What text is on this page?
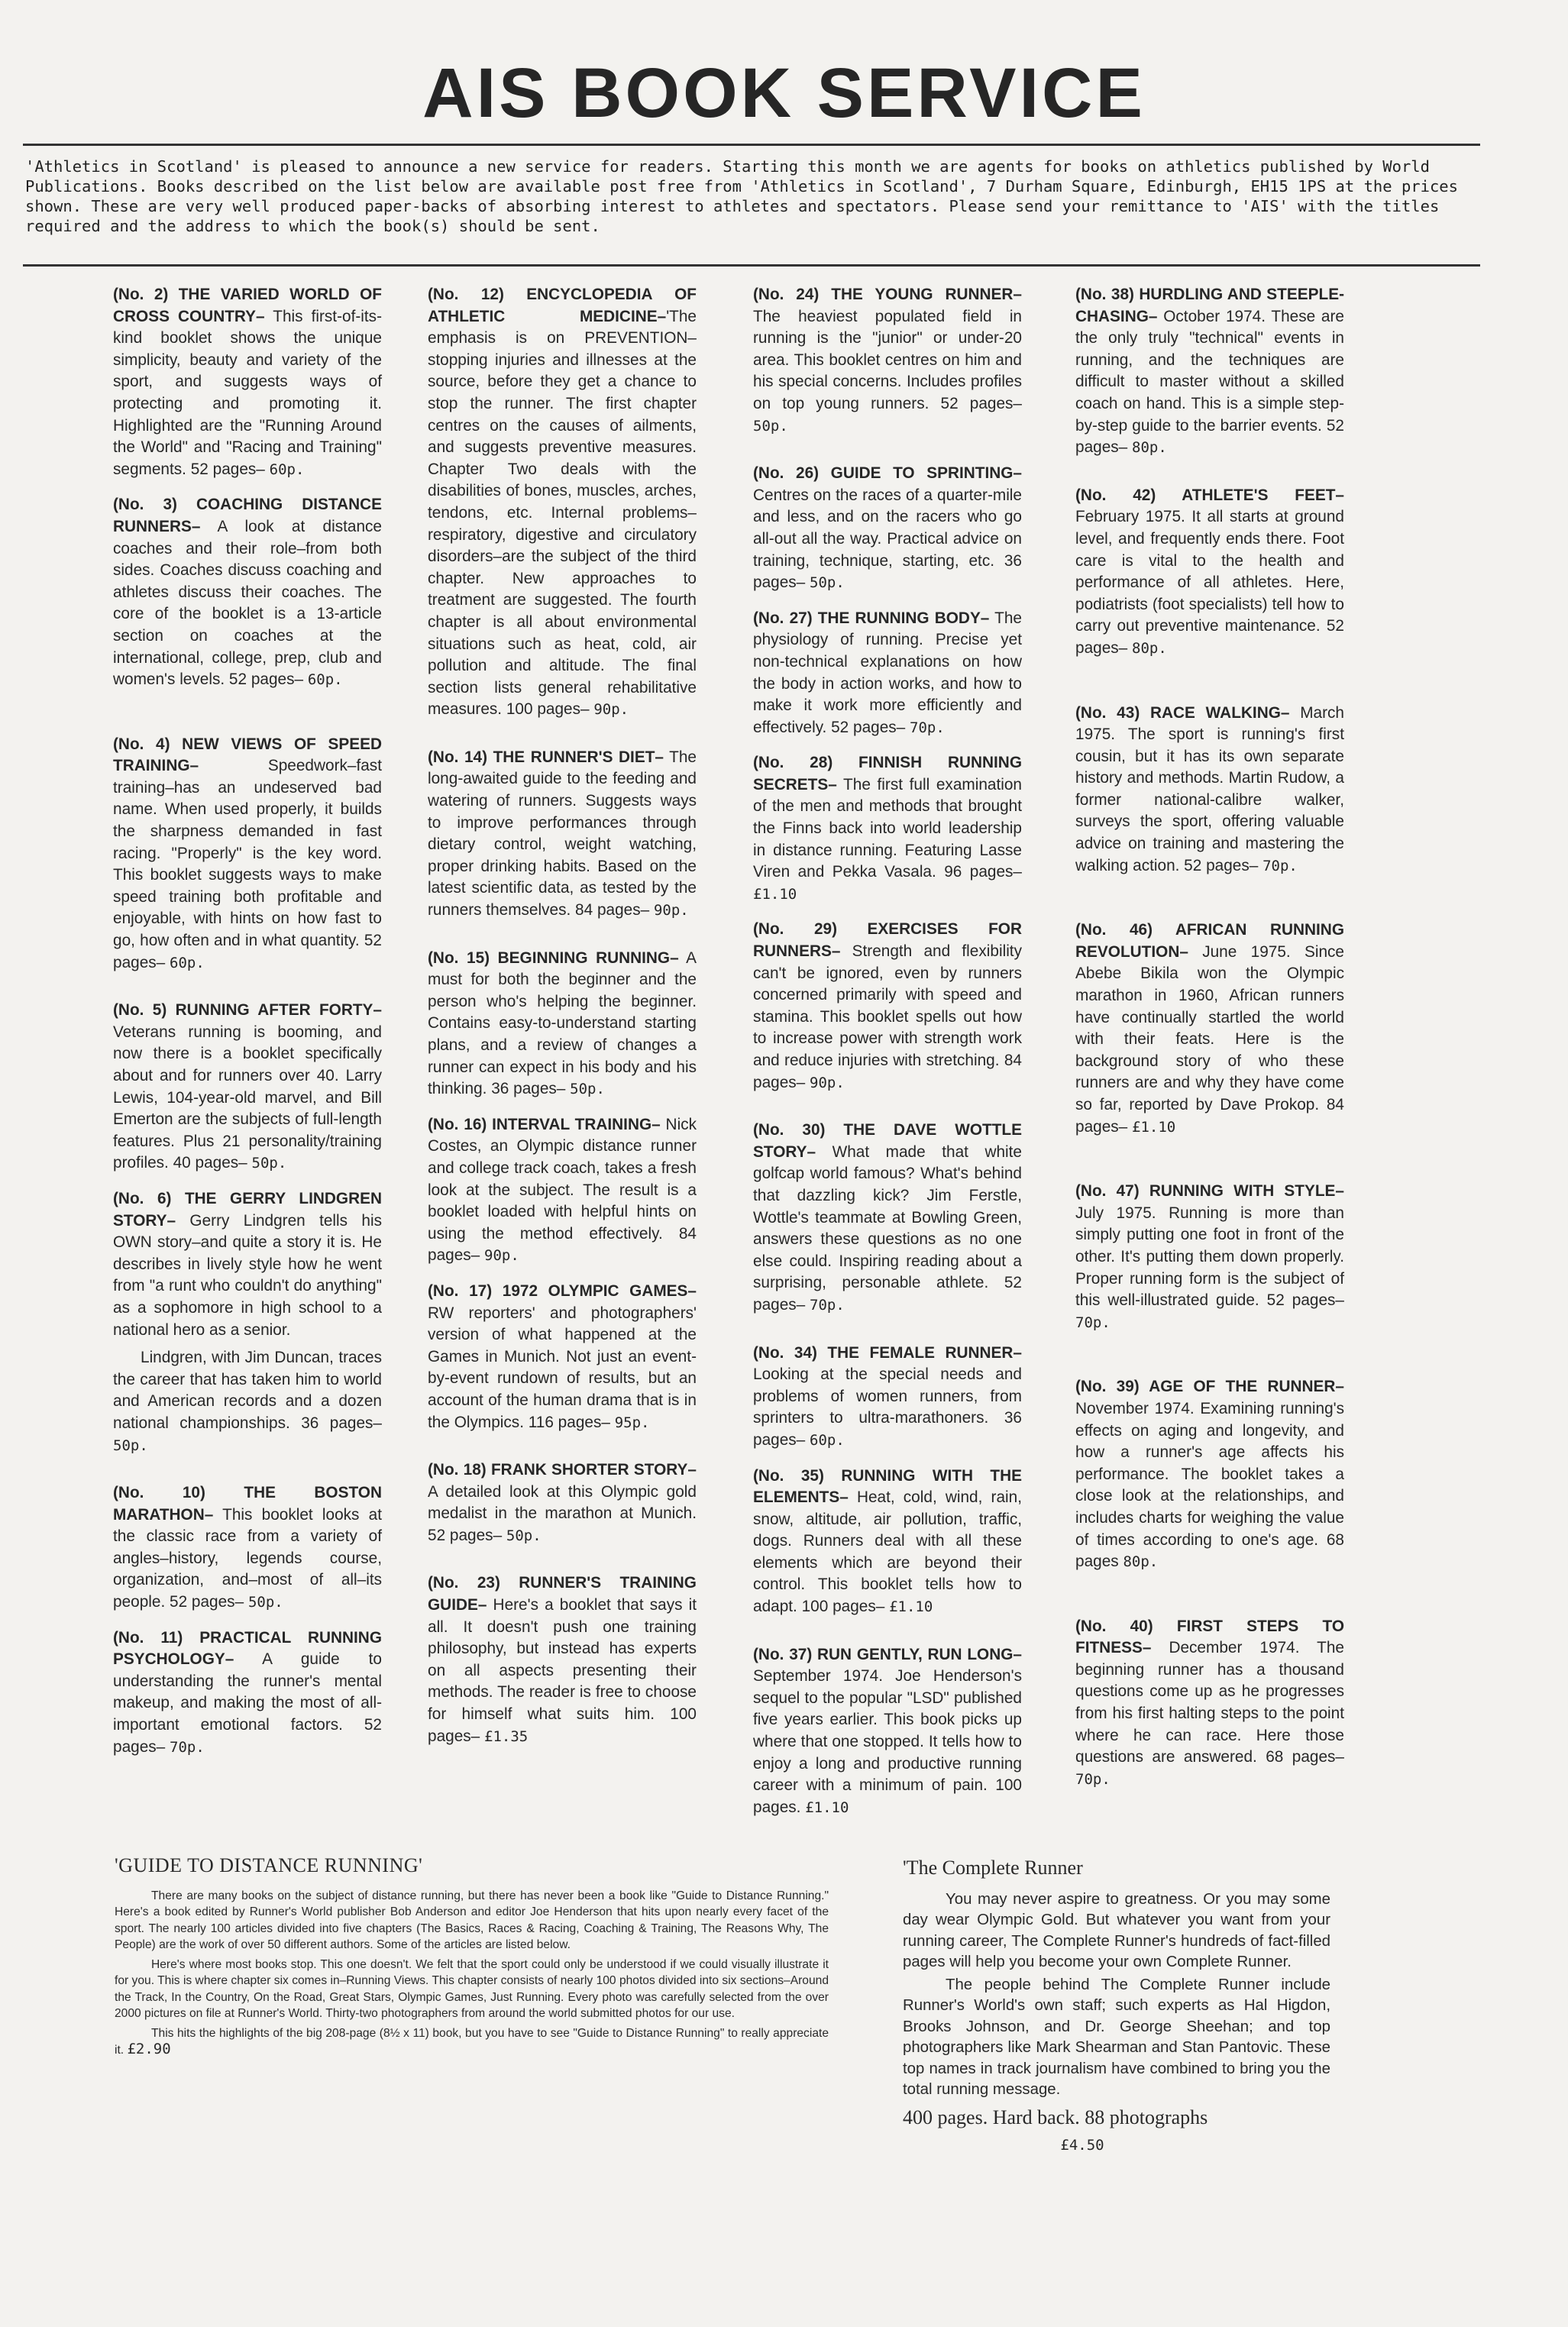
AIS BOOK SERVICE
'Athletics in Scotland' is pleased to announce a new service for readers. Starting this month we are agents for books on athletics published by World Publications. Books described on the list below are available post free from 'Athletics in Scotland', 7 Durham Square, Edinburgh, EH15 1PS at the prices shown. These are very well produced paper-backs of absorbing interest to athletes and spectators. Please send your remittance to 'AIS' with the titles required and the address to which the book(s) should be sent.

(No. 2) THE VARIED WORLD OF CROSS COUNTRY– This first-of-its-kind booklet shows the unique simplicity, beauty and variety of the sport, and suggests ways of protecting and promoting it. Highlighted are the "Running Around the World" and "Racing and Training" segments. 52 pages– 60p.

(No. 3) COACHING DISTANCE RUNNERS– A look at distance coaches and their role–from both sides. Coaches discuss coaching and athletes discuss their coaches. The core of the booklet is a 13-article section on coaches at the international, college, prep, club and women's levels. 52 pages– 60p.

(No. 4) NEW VIEWS OF SPEED TRAINING– Speedwork–fast training–has an undeserved bad name. When used properly, it builds the sharpness demanded in fast racing. "Properly" is the key word. This booklet suggests ways to make speed training both profitable and enjoyable, with hints on how fast to go, how often and in what quantity. 52 pages– 60p.

(No. 5) RUNNING AFTER FORTY– Veterans running is booming, and now there is a booklet specifically about and for runners over 40. Larry Lewis, 104-year-old marvel, and Bill Emerton are the subjects of full-length features. Plus 21 personality/training profiles. 40 pages– 50p.

(No. 6) THE GERRY LINDGREN STORY– Gerry Lindgren tells his OWN story–and quite a story it is. He describes in lively style how he went from "a runt who couldn't do anything" as a sophomore in high school to a national hero as a senior.

Lindgren, with Jim Duncan, traces the career that has taken him to world and American records and a dozen national championships. 36 pages– 50p.

(No. 10) THE BOSTON MARATHON– This booklet looks at the classic race from a variety of angles–history, legends course, organization, and–most of all–its people. 52 pages– 50p.

(No. 11) PRACTICAL RUNNING PSYCHOLOGY– A guide to understanding the runner's mental makeup, and making the most of all-important emotional factors. 52 pages– 70p.

(No. 12) ENCYCLOPEDIA OF ATHLETIC MEDICINE–'The emphasis is on PREVENTION–stopping injuries and illnesses at the source, before they get a chance to stop the runner. The first chapter centres on the causes of ailments, and suggests preventive measures. Chapter Two deals with the disabilities of bones, muscles, arches, tendons, etc. Internal problems–respiratory, digestive and circulatory disorders–are the subject of the third chapter. New approaches to treatment are suggested. The fourth chapter is all about environmental situations such as heat, cold, air pollution and altitude. The final section lists general rehabilitative measures. 100 pages– 90p.

(No. 14) THE RUNNER'S DIET– The long-awaited guide to the feeding and watering of runners. Suggests ways to improve performances through dietary control, weight watching, proper drinking habits. Based on the latest scientific data, as tested by the runners themselves. 84 pages– 90p.

(No. 15) BEGINNING RUNNING– A must for both the beginner and the person who's helping the beginner. Contains easy-to-understand starting plans, and a review of changes a runner can expect in his body and his thinking. 36 pages– 50p.

(No. 16) INTERVAL TRAINING– Nick Costes, an Olympic distance runner and college track coach, takes a fresh look at the subject. The result is a booklet loaded with helpful hints on using the method effectively. 84 pages– 90p.

(No. 17) 1972 OLYMPIC GAMES– RW reporters' and photographers' version of what happened at the Games in Munich. Not just an event-by-event rundown of results, but an account of the human drama that is in the Olympics. 116 pages– 95p.

(No. 18) FRANK SHORTER STORY– A detailed look at this Olympic gold medalist in the marathon at Munich. 52 pages– 50p.

(No. 23) RUNNER'S TRAINING GUIDE– Here's a booklet that says it all. It doesn't push one training philosophy, but instead has experts on all aspects presenting their methods. The reader is free to choose for himself what suits him. 100 pages– £1.35

(No. 24) THE YOUNG RUNNER– The heaviest populated field in running is the "junior" or under-20 area. This booklet centres on him and his special concerns. Includes profiles on top young runners. 52 pages– 50p.

(No. 26) GUIDE TO SPRINTING– Centres on the races of a quarter-mile and less, and on the racers who go all-out all the way. Practical advice on training, technique, starting, etc. 36 pages– 50p.

(No. 27) THE RUNNING BODY– The physiology of running. Precise yet non-technical explanations on how the body in action works, and how to make it work more efficiently and effectively. 52 pages– 70p.

(No. 28) FINNISH RUNNING SECRETS– The first full examination of the men and methods that brought the Finns back into world leadership in distance running. Featuring Lasse Viren and Pekka Vasala. 96 pages– £1.10

(No. 29) EXERCISES FOR RUNNERS– Strength and flexibility can't be ignored, even by runners concerned primarily with speed and stamina. This booklet spells out how to increase power with strength work and reduce injuries with stretching. 84 pages– 90p.

(No. 30) THE DAVE WOTTLE STORY– What made that white golfcap world famous? What's behind that dazzling kick? Jim Ferstle, Wottle's teammate at Bowling Green, answers these questions as no one else could. Inspiring reading about a surprising, personable athlete. 52 pages– 70p.

(No. 34) THE FEMALE RUNNER– Looking at the special needs and problems of women runners, from sprinters to ultra-marathoners. 36 pages– 60p.

(No. 35) RUNNING WITH THE ELEMENTS– Heat, cold, wind, rain, snow, altitude, air pollution, traffic, dogs. Runners deal with all these elements which are beyond their control. This booklet tells how to adapt. 100 pages– £1.10

(No. 37) RUN GENTLY, RUN LONG– September 1974. Joe Henderson's sequel to the popular "LSD" published five years earlier. This book picks up where that one stopped. It tells how to enjoy a long and productive running career with a minimum of pain. 100 pages. £1.10

(No. 38) HURDLING AND STEEPLE-CHASING– October 1974. These are the only truly "technical" events in running, and the techniques are difficult to master without a skilled coach on hand. This is a simple step-by-step guide to the barrier events. 52 pages– 80p.

(No. 42) ATHLETE'S FEET– February 1975. It all starts at ground level, and frequently ends there. Foot care is vital to the health and performance of all athletes. Here, podiatrists (foot specialists) tell how to carry out preventive maintenance. 52 pages– 80p.

(No. 43) RACE WALKING– March 1975. The sport is running's first cousin, but it has its own separate history and methods. Martin Rudow, a former national-calibre walker, surveys the sport, offering valuable advice on training and mastering the walking action. 52 pages– 70p.

(No. 46) AFRICAN RUNNING REVOLUTION– June 1975. Since Abebe Bikila won the Olympic marathon in 1960, African runners have continually startled the world with their feats. Here is the background story of who these runners are and why they have come so far, reported by Dave Prokop. 84 pages– £1.10

(No. 47) RUNNING WITH STYLE– July 1975. Running is more than simply putting one foot in front of the other. It's putting them down properly. Proper running form is the subject of this well-illustrated guide. 52 pages– 70p.

(No. 39) AGE OF THE RUNNER– November 1974. Examining running's effects on aging and longevity, and how a runner's age affects his performance. The booklet takes a close look at the relationships, and includes charts for weighing the value of times according to one's age. 68 pages 80p.

(No. 40) FIRST STEPS TO FITNESS– December 1974. The beginning runner has a thousand questions come up as he progresses from his first halting steps to the point where he can race. Here those questions are answered. 68 pages– 70p.

'GUIDE TO DISTANCE RUNNING'

There are many books on the subject of distance running, but there has never been a book like "Guide to Distance Running." Here's a book edited by Runner's World publisher Bob Anderson and editor Joe Henderson that hits upon nearly every facet of the sport. The nearly 100 articles divided into five chapters (The Basics, Races & Racing, Coaching & Training, The Reasons Why, The People) are the work of over 50 different authors. Some of the articles are listed below.

Here's where most books stop. This one doesn't. We felt that the sport could only be understood if we could visually illustrate it for you. This is where chapter six comes in–Running Views. This chapter consists of nearly 100 photos divided into six sections–Around the Track, In the Country, On the Road, Great Stars, Olympic Games, Just Running. Every photo was carefully selected from the over 2000 pictures on file at Runner's World. Thirty-two photographers from around the world submitted photos for our use.

This hits the highlights of the big 208-page (8½ x 11) book, but you have to see "Guide to Distance Running" to really appreciate it. £2.90

'The Complete Runner

You may never aspire to greatness. Or you may some day wear Olympic Gold. But whatever you want from your running career, The Complete Runner's hundreds of fact-filled pages will help you become your own Complete Runner.

The people behind The Complete Runner include Runner's World's own staff; such experts as Hal Higdon, Brooks Johnson, and Dr. George Sheehan; and top photographers like Mark Shearman and Stan Pantovic. These top names in track journalism have combined to bring you the total running message.

400 pages. Hard back. 88 photographs
£4.50
